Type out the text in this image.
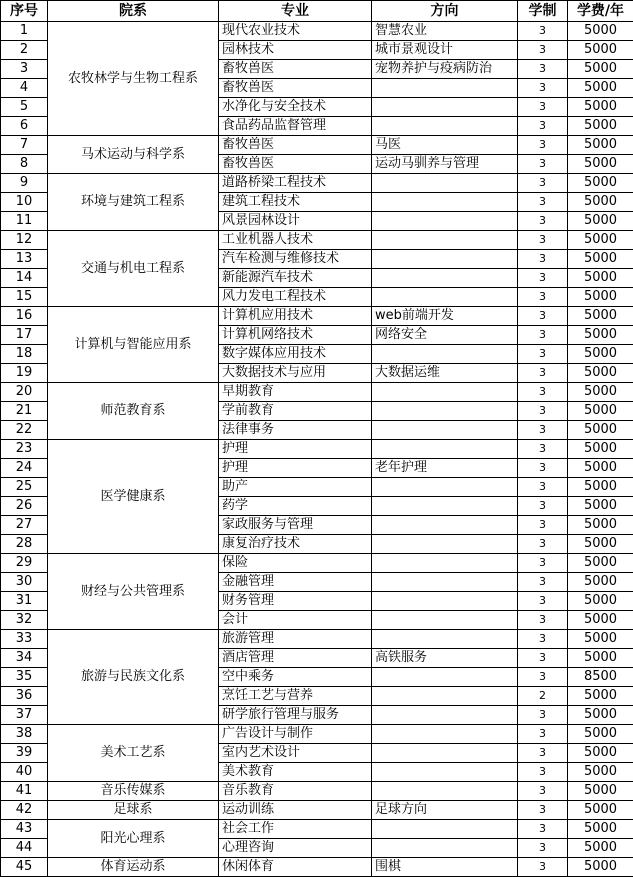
序号	院系	专业	方向	学制	学费/年
1	农牧林学与生物工程系	现代农业技术	智慧农业	3	5000
2		园林技术	城市景观设计	3	5000
3		畜牧兽医	宠物养护与疫病防治	3	5000
4		畜牧兽医		3	5000
5		水净化与安全技术		3	5000
6		食品药品监督管理		3	5000
7	马术运动与科学系	畜牧兽医	马医	3	5000
8		畜牧兽医	运动马驯养与管理	3	5000
9	环境与建筑工程系	道路桥梁工程技术		3	5000
10		建筑工程技术		3	5000
11		风景园林设计		3	5000
12	交通与机电工程系	工业机器人技术		3	5000
13		汽车检测与维修技术		3	5000
14		新能源汽车技术		3	5000
15		风力发电工程技术		3	5000
16	计算机与智能应用系	计算机应用技术	web前端开发	3	5000
17		计算机网络技术	网络安全	3	5000
18		数字媒体应用技术		3	5000
19		大数据技术与应用	大数据运维	3	5000
20	师范教育系	早期教育		3	5000
21		学前教育		3	5000
22		法律事务		3	5000
23	医学健康系	护理		3	5000
24		护理	老年护理	3	5000
25		助产		3	5000
26		药学		3	5000
27		家政服务与管理		3	5000
28		康复治疗技术		3	5000
29	财经与公共管理系	保险		3	5000
30		金融管理		3	5000
31		财务管理		3	5000
32		会计		3	5000
33	旅游与民族文化系	旅游管理		3	5000
34		酒店管理	高铁服务	3	5000
35		空中乘务		3	8500
36		烹饪工艺与营养		2	5000
37		研学旅行管理与服务		3	5000
38	美术工艺系	广告设计与制作		3	5000
39		室内艺术设计		3	5000
40		美术教育		3	5000
41	音乐传媒系	音乐教育		3	5000
42	足球系	运动训练	足球方向	3	5000
43	阳光心理系	社会工作		3	5000
44		心理咨询		3	5000
45	体育运动系	休闲体育	围棋	3	5000
